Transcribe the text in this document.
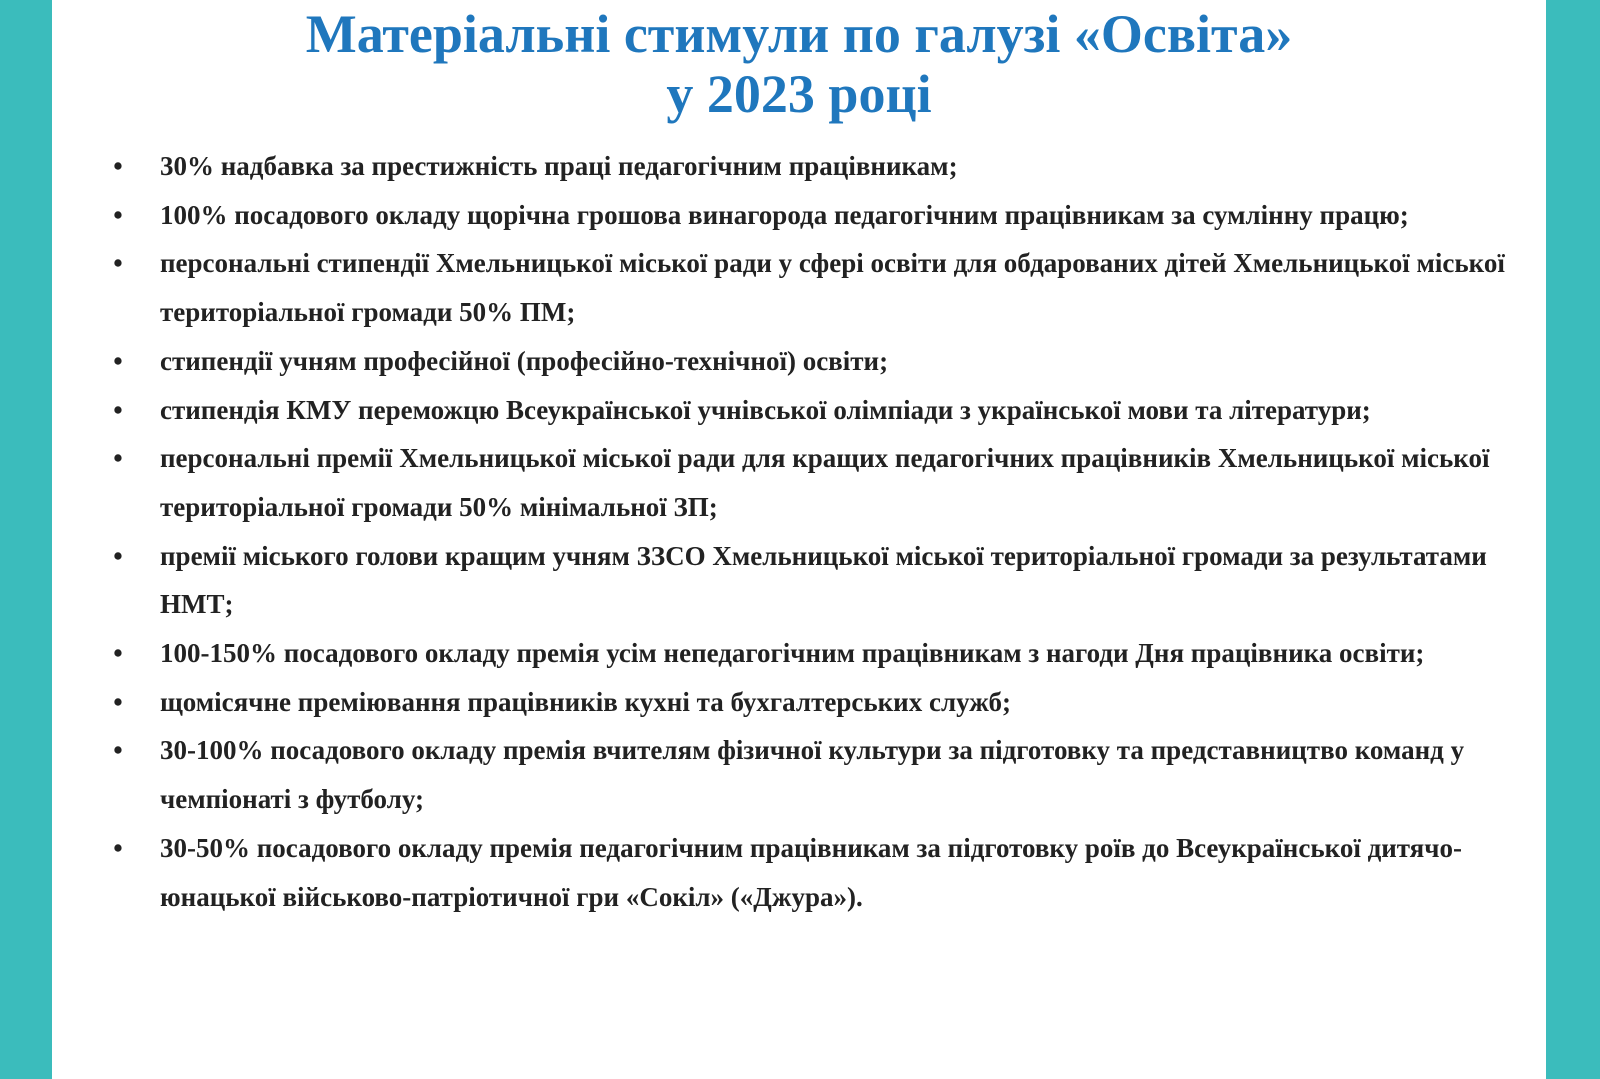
Матеріальні стимули по галузі «Освіта»
у 2023 році
• 30% надбавка за престижність праці педагогічним працівникам;
• 100% посадового окладу щорічна грошова винагорода педагогічним працівникам за сумлінну працю;
• персональні стипендії Хмельницької міської ради у сфері освіти для обдарованих дітей Хмельницької міської територіальної громади 50% ПМ;
• стипендії учням професійної (професійно-технічної) освіти;
• стипендія КМУ переможцю Всеукраїнської учнівської олімпіади з української мови та літератури;
• персональні премії Хмельницької міської ради для кращих педагогічних працівників Хмельницької міської територіальної громади 50% мінімальної ЗП;
• премії міського голови кращим учням ЗЗСО Хмельницької міської територіальної громади за результатами НМТ;
• 100-150% посадового окладу премія усім непедагогічним працівникам з нагоди Дня працівника освіти;
• щомісячне преміювання працівників кухні та бухгалтерських служб;
• 30-100% посадового окладу премія вчителям фізичної культури за підготовку та представництво команд у чемпіонаті з футболу;
• 30-50% посадового окладу премія педагогічним працівникам за підготовку роїв до Всеукраїнської дитячо-юнацької військово-патріотичної гри «Сокіл» («Джура»).
